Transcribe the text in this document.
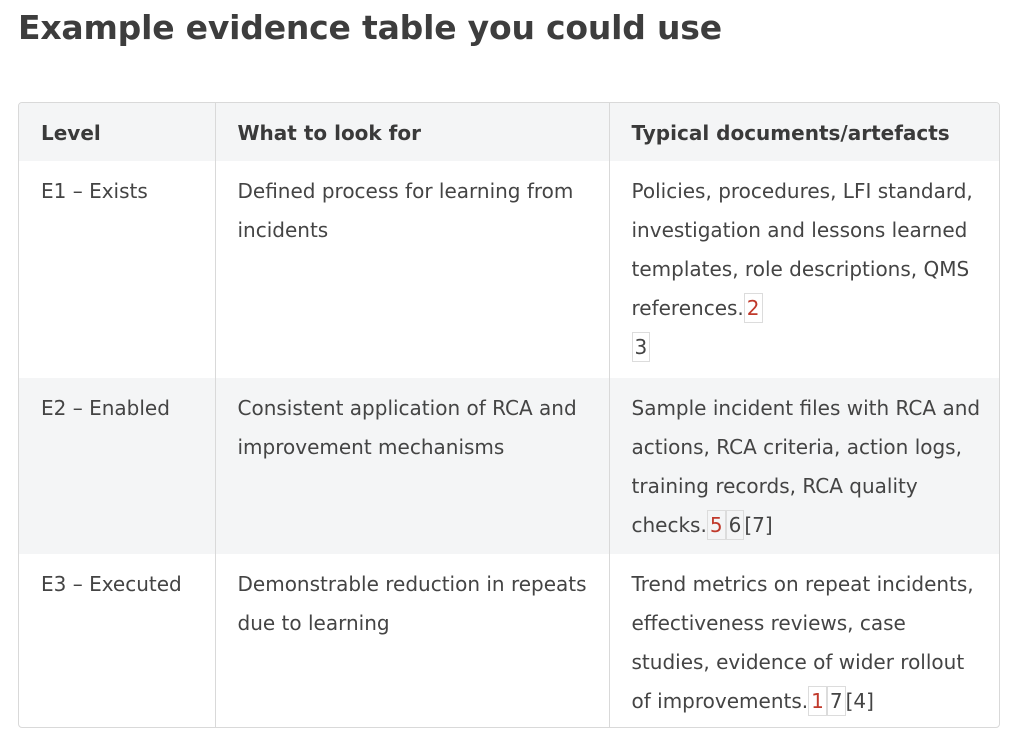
Example evidence table you could use
Level	What to look for	Typical documents/artefacts
E1 – Exists	Defined process for learning from incidents	Policies, procedures, LFI standard, investigation and lessons learned templates, role descriptions, QMS references. 2
3
E2 – Enabled	Consistent application of RCA and improvement mechanisms	Sample incident files with RCA and actions, RCA criteria, action logs, training records, RCA quality checks. 5 6 [7]
E3 – Executed	Demonstrable reduction in repeats due to learning	Trend metrics on repeat incidents, effectiveness reviews, case studies, evidence of wider rollout of improvements. 1 7 [4]
